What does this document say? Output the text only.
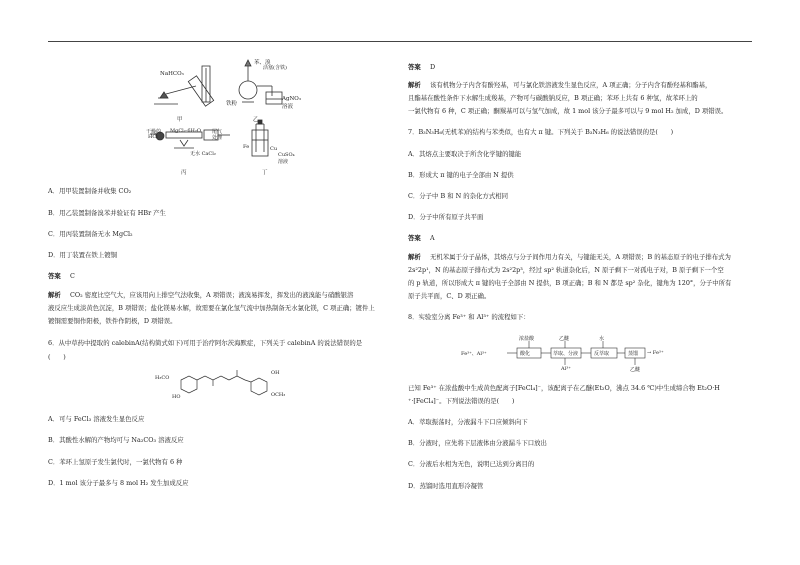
NaHCO₃
甲
苯、溴
活塞(含铁)
铁粉
AgNO₃
溶液
乙
干燥的
HCl
MgCl₂·6H₂O 尾气
处理
无水 CaCl₂
丙
Fe	Cu
CuSO₄
溶液
丁
A．用甲装置制备并收集 CO₂
B．用乙装置制备溴苯并验证有 HBr 产生
C．用丙装置制备无水 MgCl₂
D．用丁装置在铁上镀铜
答案 C
解析 CO₂ 密度比空气大，应该用向上排空气法收集，A 项错误；液溴易挥发，挥发出的液溴能与硝酸银溶
液反应生成淡黄色沉淀，B 项错误；盐化镁易水解，故需要在氯化氢气流中加热制备无水氯化镁，C 项正确；镀件上
镀铜需要铜作阳极，铁件作阴极，D 项错误。
6．从中草药中提取的 calebinA(结构简式如下)可用于治疗阿尔茨海默症，下列关于 calebinA 的说法错误的是
(　　)
H₃CO
HO
OH
OCH₃
A．可与 FeCl₃ 溶液发生显色反应
B．其酸性水解的产物均可与 Na₂CO₃ 溶液反应
C．苯环上氢原子发生氯代时，一氯代物有 6 种
D．1 mol 该分子最多与 8 mol H₂ 发生加成反应
答案 D
解析 该有机物分子内含有酚羟基，可与氯化铁溶液发生显色反应，A 项正确；分子内含有酚羟基和酯基，
且酯基在酸性条件下水解生成羧基，产物可与碳酸钠反应，B 项正确；苯环上共有 6 种氢，故苯环上的
一氯代物有 6 种，C 项正确；酮羰基可以与氢气加成，故 1 mol 该分子最多可以与 9 mol H₂ 加成，D 项错误。
7．B₃N₃H₆(无机苯)的结构与苯类似，也有大 π 键。下列关于 B₃N₃H₆ 的说法错误的是(　　)
A．其熔点主要取决于所含化学键的键能
B．形成大 π 键的电子全部由 N 提供
C．分子中 B 和 N 的杂化方式相同
D．分子中所有原子共平面
答案 A
解析 无机苯属于分子晶体，其熔点与分子间作用力有关，与键能无关，A 项错误；B 的基态原子的电子排布式为
2s²2p¹，N 的基态原子排布式为 2s²2p³，经过 sp² 轨道杂化后，N 原子剩下一对孤电子对，B 原子剩下一个空
的 p 轨道，所以形成大 π 键的电子全部由 N 提供，B 项正确；B 和 N 都是 sp² 杂化，键角为 120°，分子中所有
原子共平面，C、D 项正确。
8．实验室分离 Fe³⁺ 和 Al³⁺ 的流程如下：
Fe³⁺、Al³⁺
浓盐酸	乙醚	水
酸化	萃取、分液	反萃取	蒸馏 → Fe³⁺
Al³⁺	乙醚
已知 Fe³⁺ 在浓盐酸中生成黄色配离子[FeCl₄]⁻，该配离子在乙醚(Et₂O，沸点 34.6 ℃)中生成缔合物 Et₂O·H
⁺·[FeCl₄]⁻。下列说法错误的是(　　)
A．萃取振荡时，分液漏斗下口应倾斜向下
B．分液时，应先将下层液体由分液漏斗下口放出
C．分液后水相为无色，说明已达到分离目的
D．蒸馏时选用直形冷凝管
